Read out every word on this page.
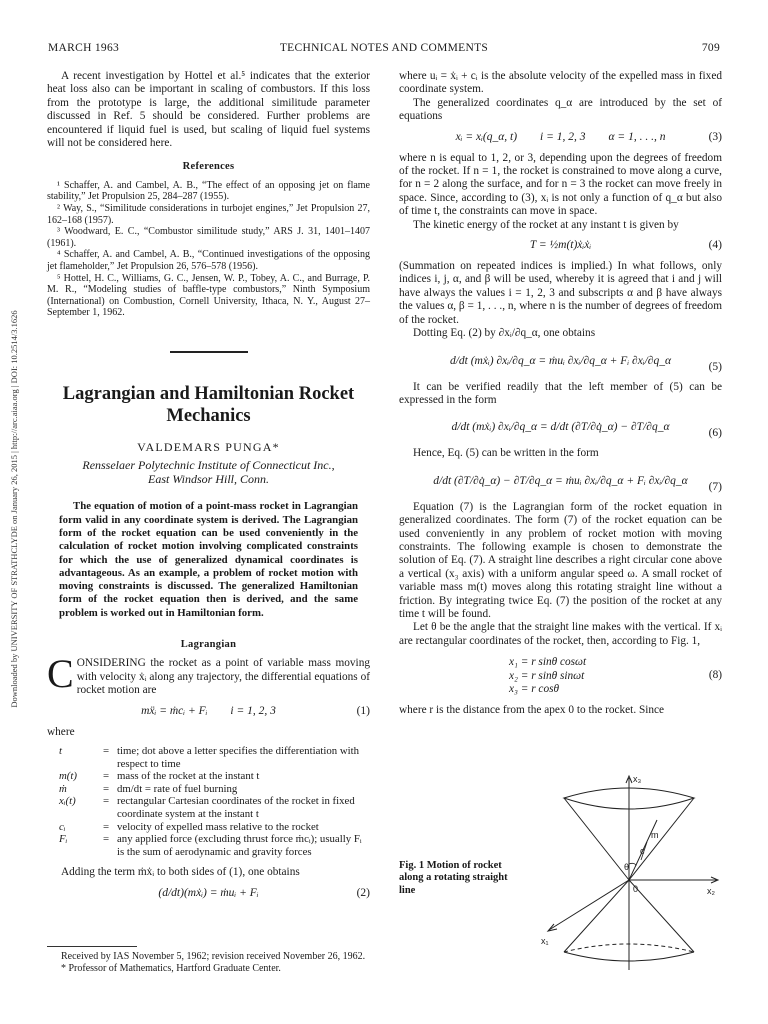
MARCH 1963	TECHNICAL NOTES AND COMMENTS	709
Downloaded by UNIVERSITY OF STRATHCLYDE on January 26, 2015 | http://arc.aiaa.org | DOI: 10.2514/3.1626

A recent investigation by Hottel et al.⁵ indicates that the exterior heat loss also can be important in scaling of combustors. If this loss from the prototype is large, the additional similitude parameter discussed in Ref. 5 should be considered. Further problems are encountered if liquid fuel is used, but scaling of liquid fuel systems will not be considered here.

References
¹ Schaffer, A. and Cambel, A. B., “The effect of an opposing jet on flame stability,” Jet Propulsion 25, 284–287 (1955).
² Way, S., “Similitude considerations in turbojet engines,” Jet Propulsion 27, 162–168 (1957).
³ Woodward, E. C., “Combustor similitude study,” ARS J. 31, 1401–1407 (1961).
⁴ Schaffer, A. and Cambel, A. B., “Continued investigations of the opposing jet flameholder,” Jet Propulsion 26, 576–578 (1956).
⁵ Hottel, H. C., Williams, G. C., Jensen, W. P., Tobey, A. C., and Burrage, P. M. R., “Modeling studies of baffle-type combustors,” Ninth Symposium (International) on Combustion, Cornell University, Ithaca, N. Y., August 27–September 1, 1962.
Lagrangian and Hamiltonian Rocket Mechanics
VALDEMARS PUNGA*
Rensselaer Polytechnic Institute of Connecticut Inc.,
East Windsor Hill, Conn.

The equation of motion of a point-mass rocket in Lagrangian form valid in any coordinate system is derived. The Lagrangian form of the rocket equation can be used conveniently in the calculation of rocket motion involving complicated constraints for which the use of generalized dynamical coordinates is advantageous. As an example, a problem of rocket motion with moving constraints is discussed. The generalized Hamiltonian form of the rocket equation then is derived, and the same problem is worked out in Hamiltonian form.

Lagrangian

CONSIDERING the rocket as a point of variable mass moving with velocity ẋᵢ along any trajectory, the differential equations of rocket motion are

mẍᵢ = ṁcᵢ + Fᵢ        i = 1, 2, 3	(1)

where

t	=	time; dot above a letter specifies the differentiation with respect to time
m(t)	=	mass of the rocket at the instant t
ṁ	=	dm/dt = rate of fuel burning
xᵢ(t)	=	rectangular Cartesian coordinates of the rocket in fixed coordinate system at the instant t
cᵢ	=	velocity of expelled mass relative to the rocket
Fᵢ	=	any applied force (excluding thrust force ṁcᵢ); usually Fᵢ is the sum of aerodynamic and gravity forces

Adding the term ṁẋᵢ to both sides of (1), one obtains

(d/dt)(mẋᵢ) = ṁuᵢ + Fᵢ	(2)

Received by IAS November 5, 1962; revision received November 26, 1962.

* Professor of Mathematics, Hartford Graduate Center.

where uᵢ = ẋᵢ + cᵢ is the absolute velocity of the expelled mass in fixed coordinate system.

The generalized coordinates q_α are introduced by the set of equations

xᵢ = xᵢ(q_α, t)        i = 1, 2, 3        α = 1, . . ., n	(3)

where n is equal to 1, 2, or 3, depending upon the degrees of freedom of the rocket. If n = 1, the rocket is constrained to move along a curve, for n = 2 along the surface, and for n = 3 the rocket can move freely in space. Since, according to (3), xᵢ is not only a function of q_α but also of time t, the constraints can move in space.

The kinetic energy of the rocket at any instant t is given by

T = ½m(t)ẋᵢẋᵢ	(4)

(Summation on repeated indices is implied.) In what follows, only indices i, j, α, and β will be used, whereby it is agreed that i and j will have always the values i = 1, 2, 3 and subscripts α and β have always the values α, β = 1, . . ., n, where n is the number of degrees of freedom of the rocket.

Dotting Eq. (2) by ∂xᵢ/∂q_α, one obtains

d/dt (mẋᵢ) ∂xᵢ/∂q_α = ṁuᵢ ∂xᵢ/∂q_α + Fᵢ ∂xᵢ/∂q_α	(5)

It can be verified readily that the left member of (5) can be expressed in the form

d/dt (mẋᵢ) ∂xᵢ/∂q_α = d/dt (∂T/∂q̇_α) − ∂T/∂q_α	(6)

Hence, Eq. (5) can be written in the form

d/dt (∂T/∂q̇_α) − ∂T/∂q_α = ṁuᵢ ∂xᵢ/∂q_α + Fᵢ ∂xᵢ/∂q_α (7)

Equation (7) is the Lagrangian form of the rocket equation in generalized coordinates. The form (7) of the rocket equation can be used conveniently in any problem of rocket motion with moving constraints. The following example is chosen to demonstrate the solution of Eq. (7). A straight line describes a right circular cone above a vertical (x₃ axis) with a uniform angular speed ω. A small rocket of variable mass m(t) moves along this rotating straight line without a friction. By integrating twice Eq. (7) the position of the rocket at any time t will be found.

Let θ be the angle that the straight line makes with the vertical. If xᵢ are rectangular coordinates of the rocket, then, according to Fig. 1,

x₁ = r sinθ cosωt
x₂ = r sinθ sinωt
x₃ = r cosθ
(8)

where r is the distance from the apex 0 to the rocket. Since

Fig. 1 Motion of rocket along a rotating straight line
x₃
x₂
x₁
m
0
θ
c
